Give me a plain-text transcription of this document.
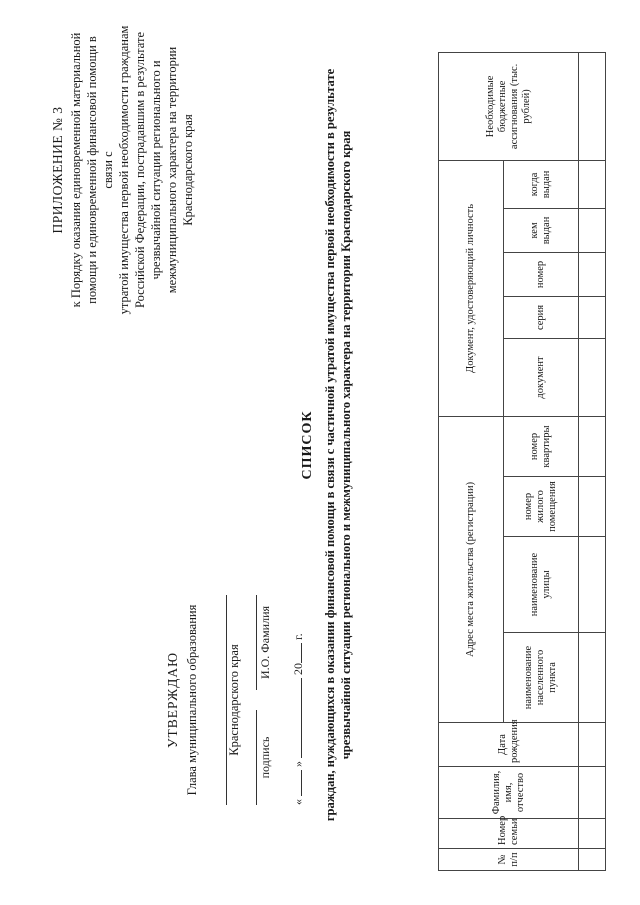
ПРИЛОЖЕНИЕ № 3 к Порядку оказания единовременной материальной помощи и единовременной финансовой помощи в связи с утратой имущества первой необходимости гражданам Российской Федерации, пострадавшим в результате чрезвычайной ситуации регионального и межмуниципального характера на территории Краснодарского края
УТВЕРЖДАЮ Глава муниципального образования Краснодарского края
подпись
И.О. Фамилия
«  »  20 г.
СПИСОК граждан, нуждающихся в оказании финансовой помощи в связи с частичной утратой имущества первой необходимости в результате чрезвычайной ситуации регионального и межмуниципального характера на территории Краснодарского края
№ п/п	Номер семьи	Фамилия, имя, отчество	Дата рождения	Адрес места жительства (регистрации)				Документ, удостоверяющий личность					Необходимые бюджетные ассигнования (тыс. рублей)
				наименование населенного пункта	наименование улицы	номер жилого помещения	номер квартиры	документ	серия	номер	кем выдан	когда выдан	
